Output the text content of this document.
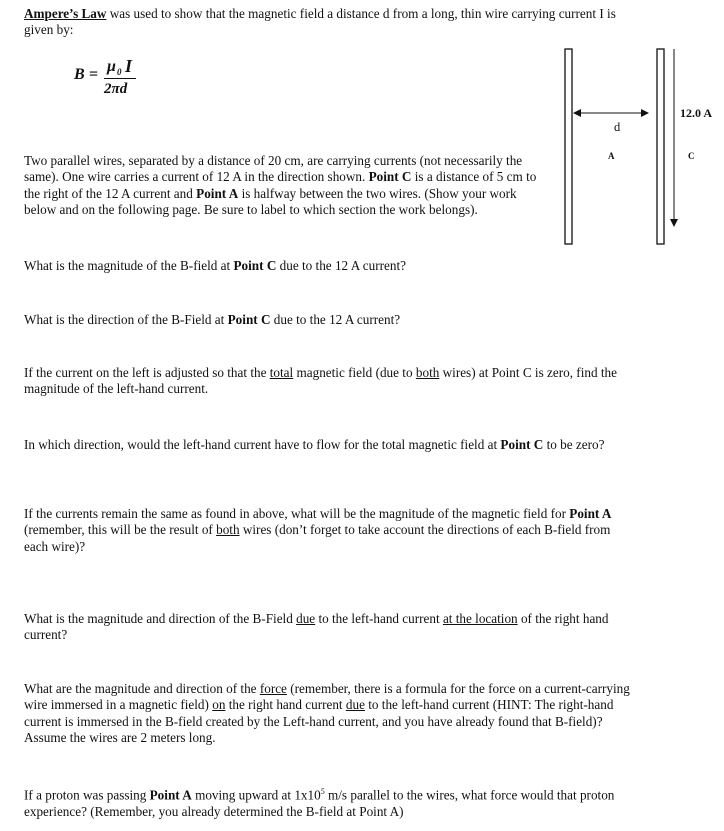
Ampere’s Law was used to show that the magnetic field a distance d from a long, thin wire carrying current I is given by:

B = μ 0 I
2πd
d
A	C
12.0 A

Two parallel wires, separated by a distance of 20 cm, are carrying currents (not necessarily the same). One wire carries a current of 12 A in the direction shown. Point C is a distance of 5 cm to the right of the 12 A current and Point A is halfway between the two wires. (Show your work below and on the following page. Be sure to label to which section the work belongs).

What is the magnitude of the B-field at Point C due to the 12 A current?

What is the direction of the B-Field at Point C due to the 12 A current?

If the current on the left is adjusted so that the total magnetic field (due to both wires) at Point C is zero, find the magnitude of the left-hand current.

In which direction, would the left-hand current have to flow for the total magnetic field at Point C to be zero?

If the currents remain the same as found in above, what will be the magnitude of the magnetic field for Point A (remember, this will be the result of both wires (don’t forget to take account the directions of each B-field from each wire)?

What is the magnitude and direction of the B-Field due to the left-hand current at the location of the right hand current?

What are the magnitude and direction of the force (remember, there is a formula for the force on a current-carrying wire immersed in a magnetic field) on the right hand current due to the left-hand current (HINT: The right-hand current is immersed in the B-field created by the Left-hand current, and you have already found that B-field)? Assume the wires are 2 meters long.

If a proton was passing Point A moving upward at $1x10^5$ m/s parallel to the wires, what force would that proton experience? (Remember, you already determined the B-field at Point A)
